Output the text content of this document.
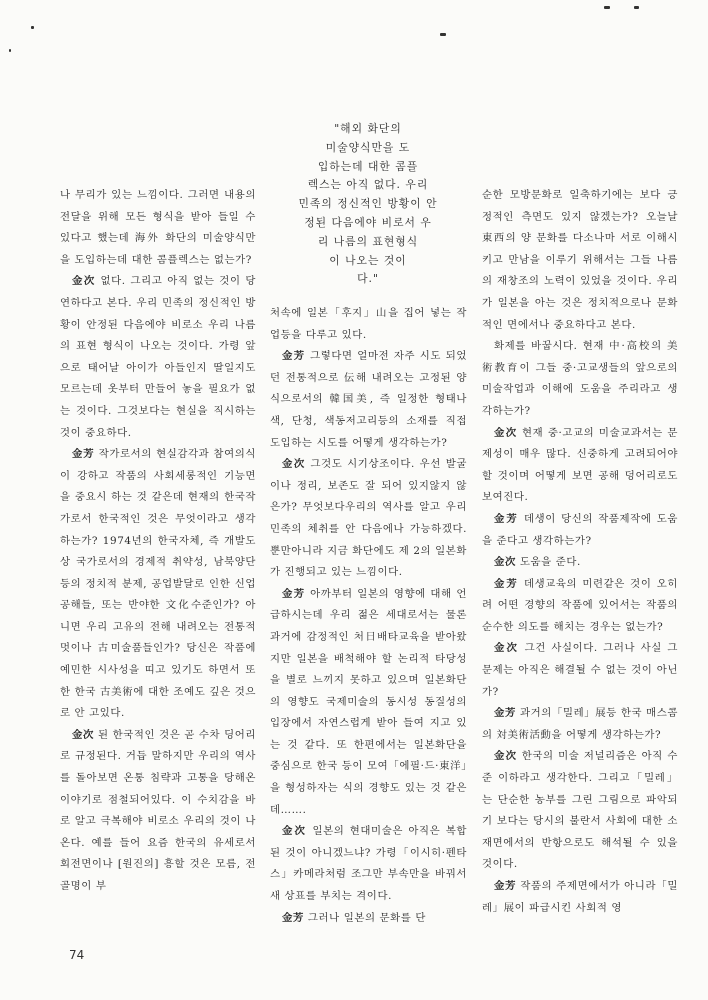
나 무리가 있는 느낌이다. 그러면 내용의 전달을 위해 모든 형식을 받아 들일 수 있다고 했는데 海外 화단의 미술양식만을 도입하는데 대한 콤플렉스는 없는가?

金次 없다. 그리고 아직 없는 것이 당연하다고 본다. 우리 민족의 정신적인 방황이 안정된 다음에야 비로소 우리 나름의 표현 형식이 나오는 것이다. 가령 앞으로 태어날 아이가 아들인지 딸일지도 모르는데 옷부터 만들어 놓을 필요가 없는 것이다. 그것보다는 현실을 직시하는것이 중요하다.

金芳 작가로서의 현실감각과 참여의식이 강하고 작품의 사회세롱적인 기능면을 중요시 하는 것 같은데 현재의 한국작가로서 한국적인 것은 무엇이라고 생각하는가? 1974년의 한국자체, 즉 개발도상 국가로서의 경제적 취약성, 남북양단등의 정치적 분제, 공업발달로 인한 신업공해들, 또는 반야한 文化수준인가? 아니면 우리 고유의 전해 내려오는 전통적 멋이나 古미술품들인가? 당신은 작품에 예민한 시사성을 띠고 있기도 하면서 또한 한국 古美術에 대한 조예도 깊은 것으로 안 고있다.

金次 된 한국적인 것은 곧 수차 딩어리로 규정된다. 거듭 말하지만 우리의 역사를 돌아보면 온통 침략과 고통을 당해온 이야기로 점철되어있다. 이 수치감을 바로 알고 극복해야 비로소 우리의 것이 나온다. 예를 들어 요즘 한국의 유세로서 회전면이나 [원진의] 흥할 것은 모름, 전골명이 부

"해외 화단의
미술양식만을 도
입하는데 대한 콤플
렉스는 아직 없다. 우리
민족의 정신적인 방황이 안
정된 다음에야 비로서 우
리 나름의 표현형식
이 나오는 것이
다."

처속에 일본「후지」山을 집어 넣는 작업등을 다루고 있다.

金芳 그렇다면 얼마전 자주 시도 되었던 전통적으로 伝해 내려오는 고정된 양식으로서의 韓国美, 즉 일정한 형태나 색, 단청, 색동저고리등의 소재를 직접 도입하는 시도를 어떻게 생각하는가?

金次 그것도 시기상조이다. 우선 발굴이나 정리, 보존도 잘 되어 있지않지 않은가? 무엇보다우리의 역사를 알고 우리 민족의 체취를 안 다음에나 가능하겠다. 뿐만아니라 지금 화단에도 제 2의 일본화가 진행되고 있는 느낌이다.

金芳 아까부터 일본의 영향에 대해 언급하시는데 우리 젊은 세대로서는 물론 과거에 감정적인 처日배타교육을 받아왔지만 일본을 배척해야 할 논리적 타당성을 별로 느끼지 못하고 있으며 일본화단의 영향도 국제미술의 동시성 동질성의 입장에서 자연스럽게 받아 들여 지고 있는 것 같다. 또 한편에서는 일본화단을 중심으로 한국 등이 모여「에필·드·東洋」을 형성하자는 식의 경향도 있는 것 같은데…….

金次 일본의 현대미술은 아직은 복합된 것이 아니겠느냐? 가령「이시히·펜타스」카메라처럼 조그만 부속만을 바꿔서 새 상표를 부치는 격이다.

金芳 그러나 일본의 문화를 단

순한 모방문화로 일축하기에는 보다 긍정적인 측면도 있지 않겠는가? 오늘날 東西의 양 문화를 다소나마 서로 이해시키고 만남을 이루기 위해서는 그들 나름의 재창조의 노력이 있었을 것이다. 우리가 일본을 아는 것은 정치적으로나 문화적인 면에서나 중요하다고 본다.

화제를 바꿉시다. 현재 中·高校의 美術教育이 그들 중·고교생들의 앞으로의 미술작업과 이해에 도움을 주리라고 생각하는가?

金次 현재 중·고교의 미술교과서는 문제성이 매우 많다. 신중하게 고려되어야 할 것이며 어떻게 보면 공해 덩어리로도 보여진다.

金芳 데생이 당신의 작품제작에 도움을 준다고 생각하는가?

金次 도움을 준다.

金芳 데생교육의 미련같은 것이 오히려 어떤 경향의 작품에 있어서는 작품의 순수한 의도를 해치는 경우는 없는가?

金次 그건 사실이다. 그러나 사실 그 문제는 아직은 해결될 수 없는 것이 아닌가?

金芳 과거의「밀레」展등 한국 매스콤의 対美術活動을 어떻게 생각하는가?

金次 한국의 미술 저널리즘은 아직 수준 이하라고 생각한다. 그리고「밀레」는 단순한 농부를 그린 그림으로 파악되기 보다는 당시의 불란서 사회에 대한 소재면에서의 반항으로도 해석될 수 있을 것이다.

金芳 작품의 주제면에서가 아니라「밀레」展이 파급시킨 사회적 영

74
